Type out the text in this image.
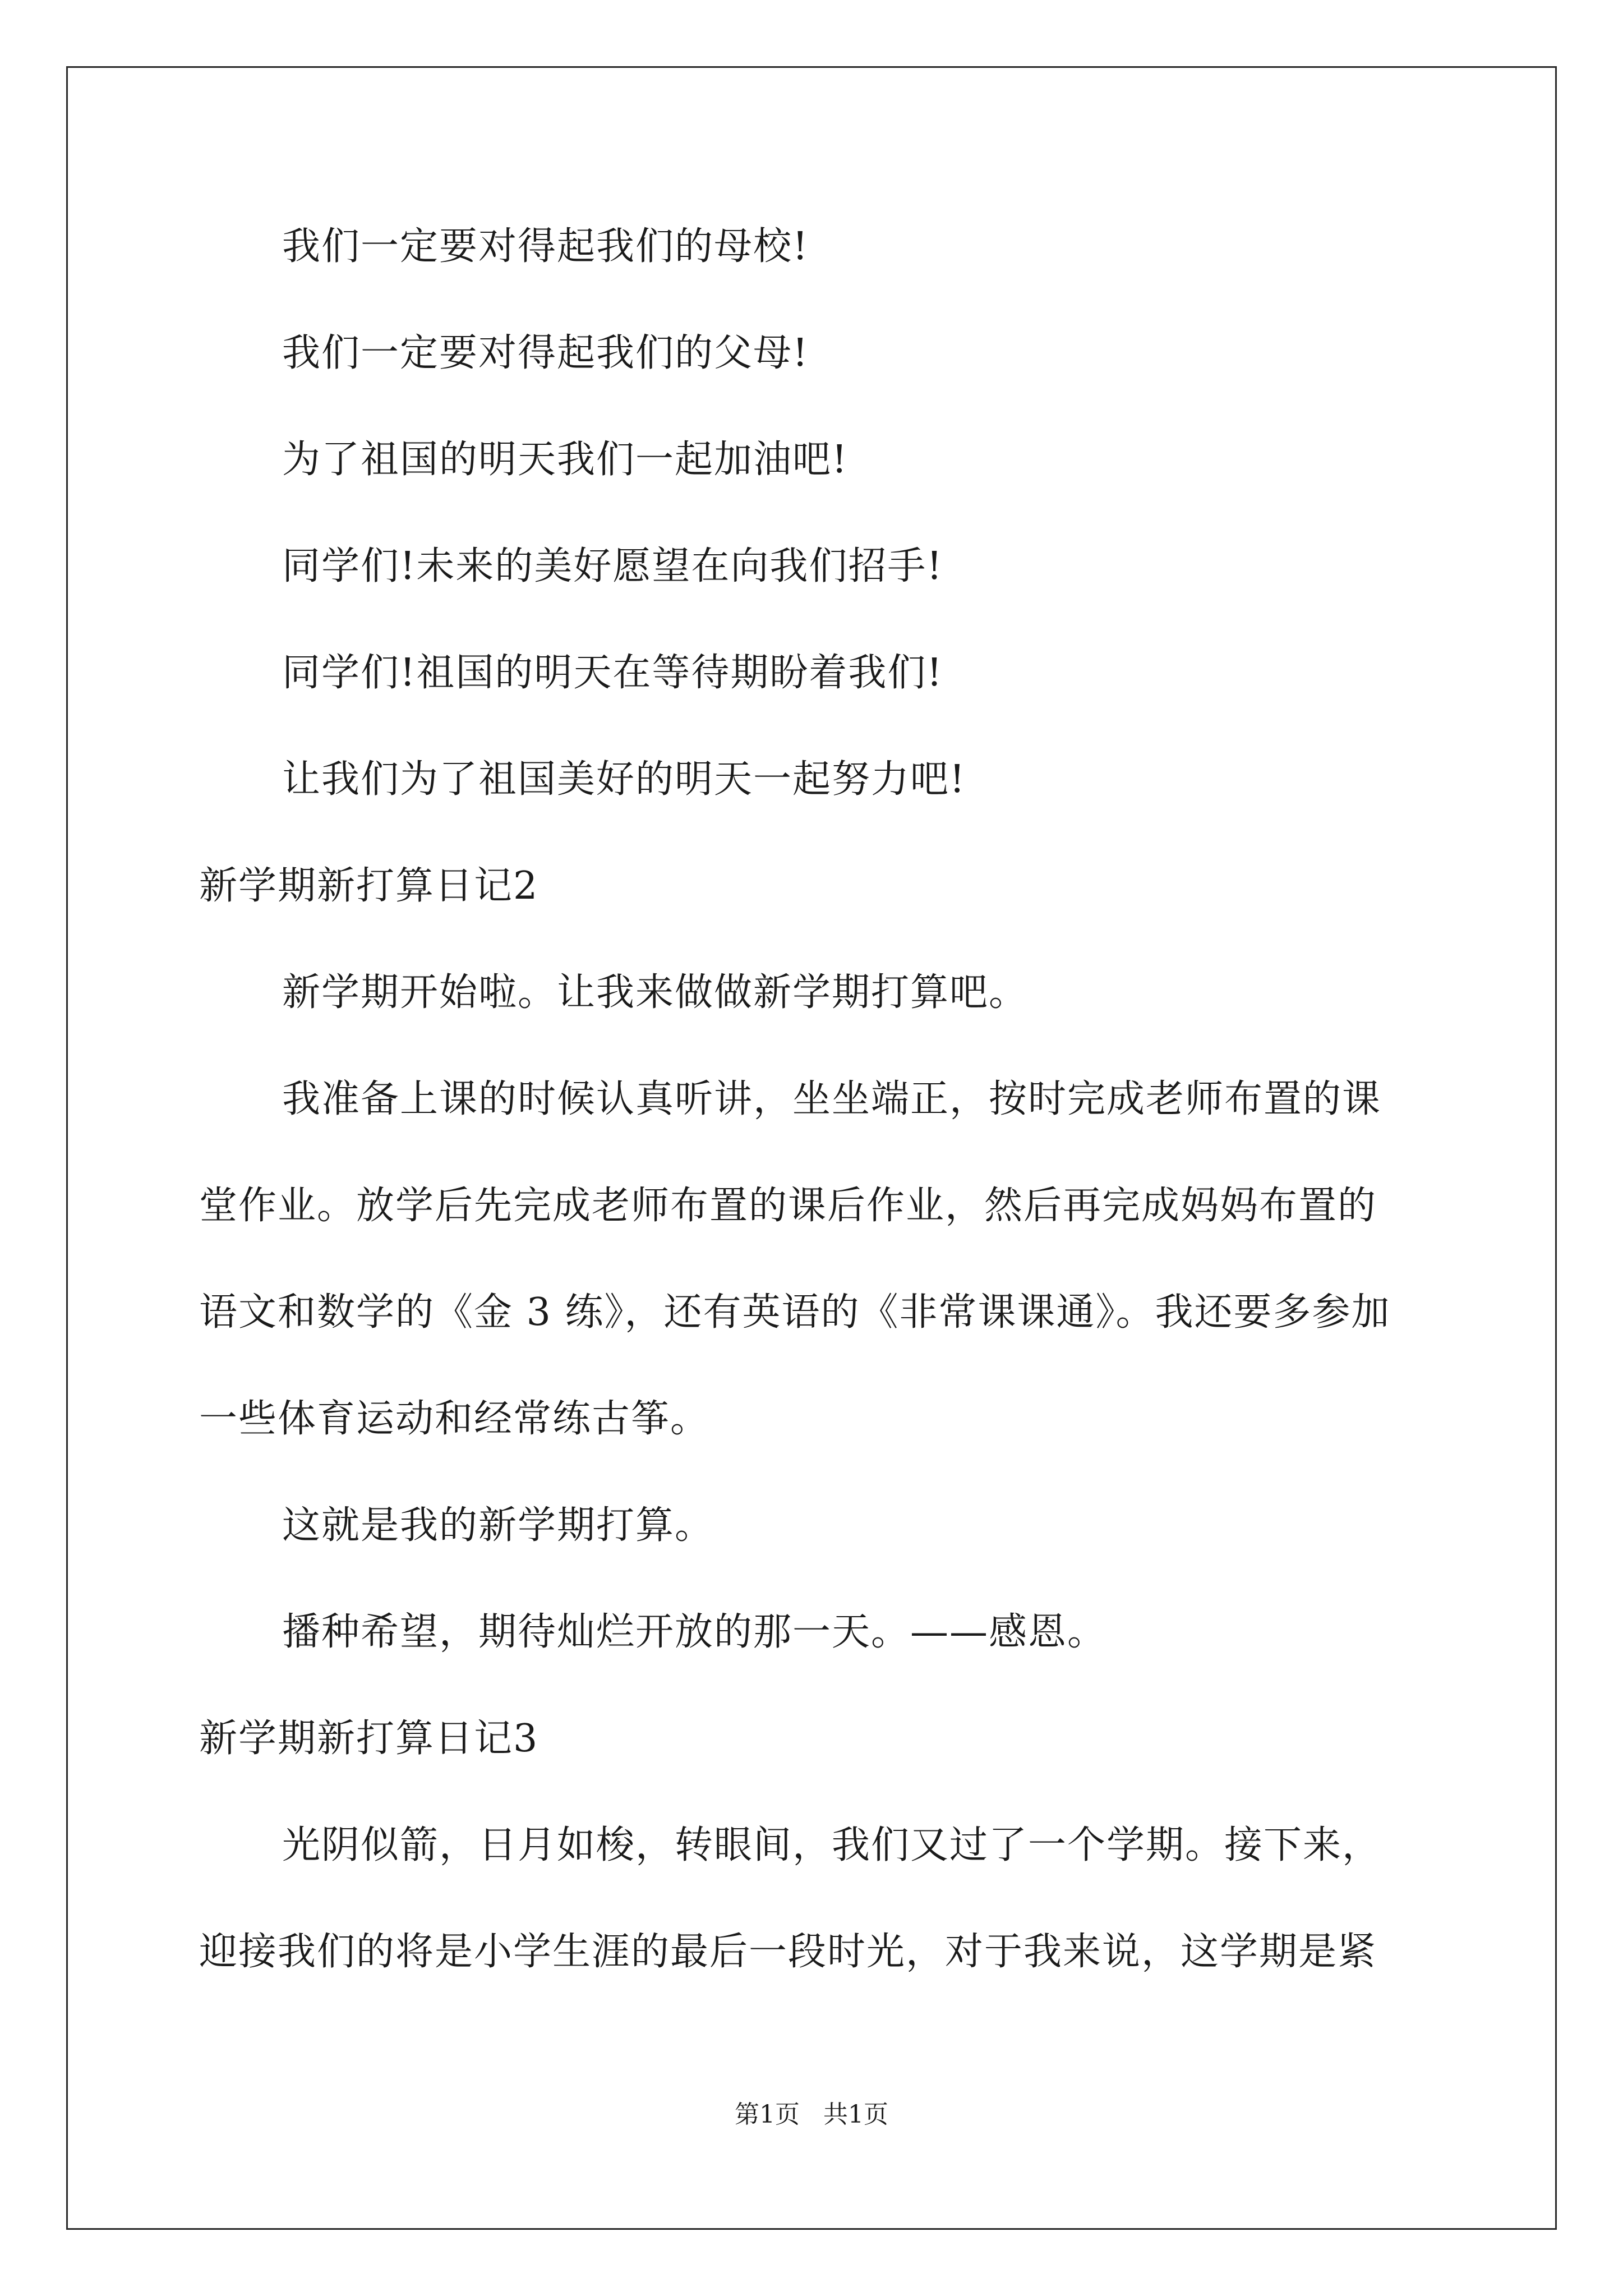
我们一定要对得起我们的母校!
我们一定要对得起我们的父母!
为了祖国的明天我们一起加油吧!
同学们!未来的美好愿望在向我们招手!
同学们!祖国的明天在等待期盼着我们!
让我们为了祖国美好的明天一起努力吧!
新学期新打算日记2
新学期开始啦。让我来做做新学期打算吧。
我准备上课的时候认真听讲，坐坐端正，按时完成老师布置的课
堂作业。放学后先完成老师布置的课后作业，然后再完成妈妈布置的
语文和数学的《金 3 练》，还有英语的《非常课课通》。我还要多参加
一些体育运动和经常练古筝。
这就是我的新学期打算。
播种希望，期待灿烂开放的那一天。——感恩。
新学期新打算日记3
光阴似箭，日月如梭，转眼间，我们又过了一个学期。接下来，
迎接我们的将是小学生涯的最后一段时光，对于我来说，这学期是紧
第1页   共1页
